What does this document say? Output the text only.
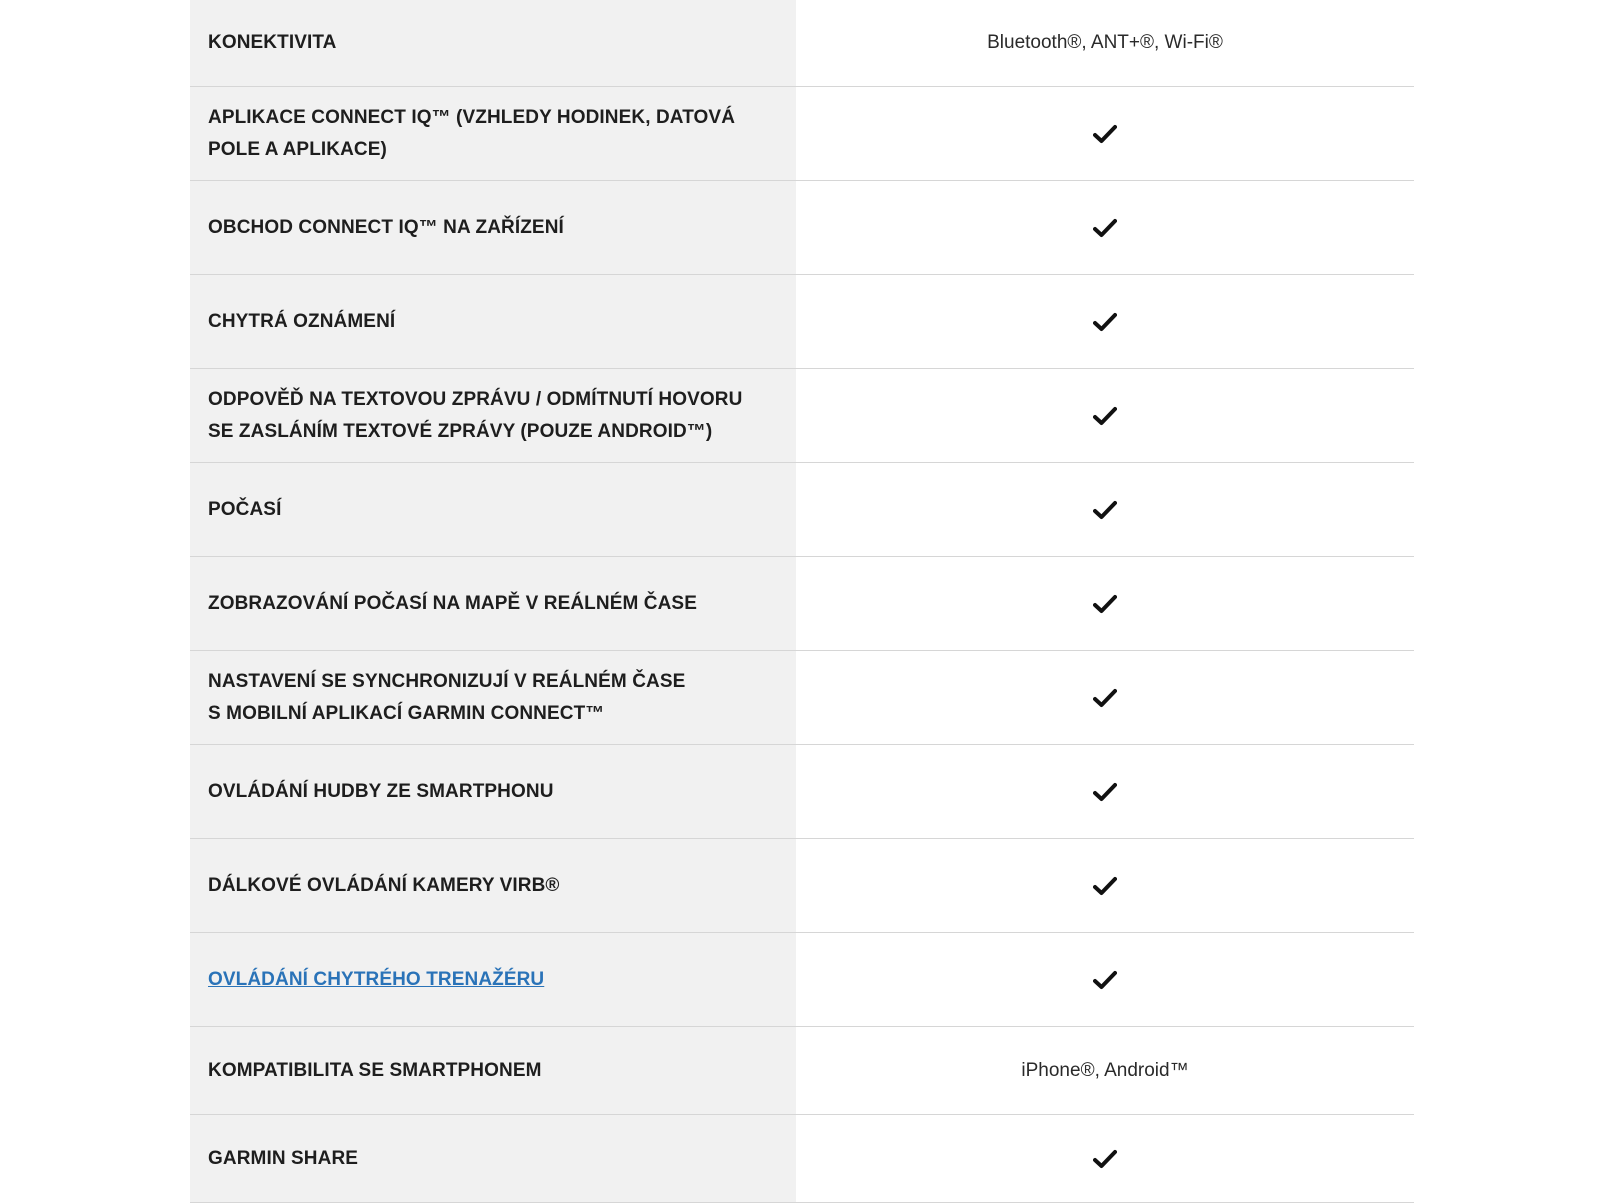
KONEKTIVITA	Bluetooth®, ANT+®, Wi-Fi®
APLIKACE CONNECT IQ™ (VZHLEDY HODINEK, DATOVÁ POLE A APLIKACE)
OBCHOD CONNECT IQ™ NA ZAŘÍZENÍ
CHYTRÁ OZNÁMENÍ
ODPOVĚĎ NA TEXTOVOU ZPRÁVU / ODMÍTNUTÍ HOVORU SE ZASLÁNÍM TEXTOVÉ ZPRÁVY (POUZE ANDROID™)
POČASÍ
ZOBRAZOVÁNÍ POČASÍ NA MAPĚ V REÁLNÉM ČASE
NASTAVENÍ SE SYNCHRONIZUJÍ V REÁLNÉM ČASE S MOBILNÍ APLIKACÍ GARMIN CONNECT™
OVLÁDÁNÍ HUDBY ZE SMARTPHONU
DÁLKOVÉ OVLÁDÁNÍ KAMERY VIRB®
OVLÁDÁNÍ CHYTRÉHO TRENAŽÉRU
KOMPATIBILITA SE SMARTPHONEM	iPhone®, Android™
GARMIN SHARE
